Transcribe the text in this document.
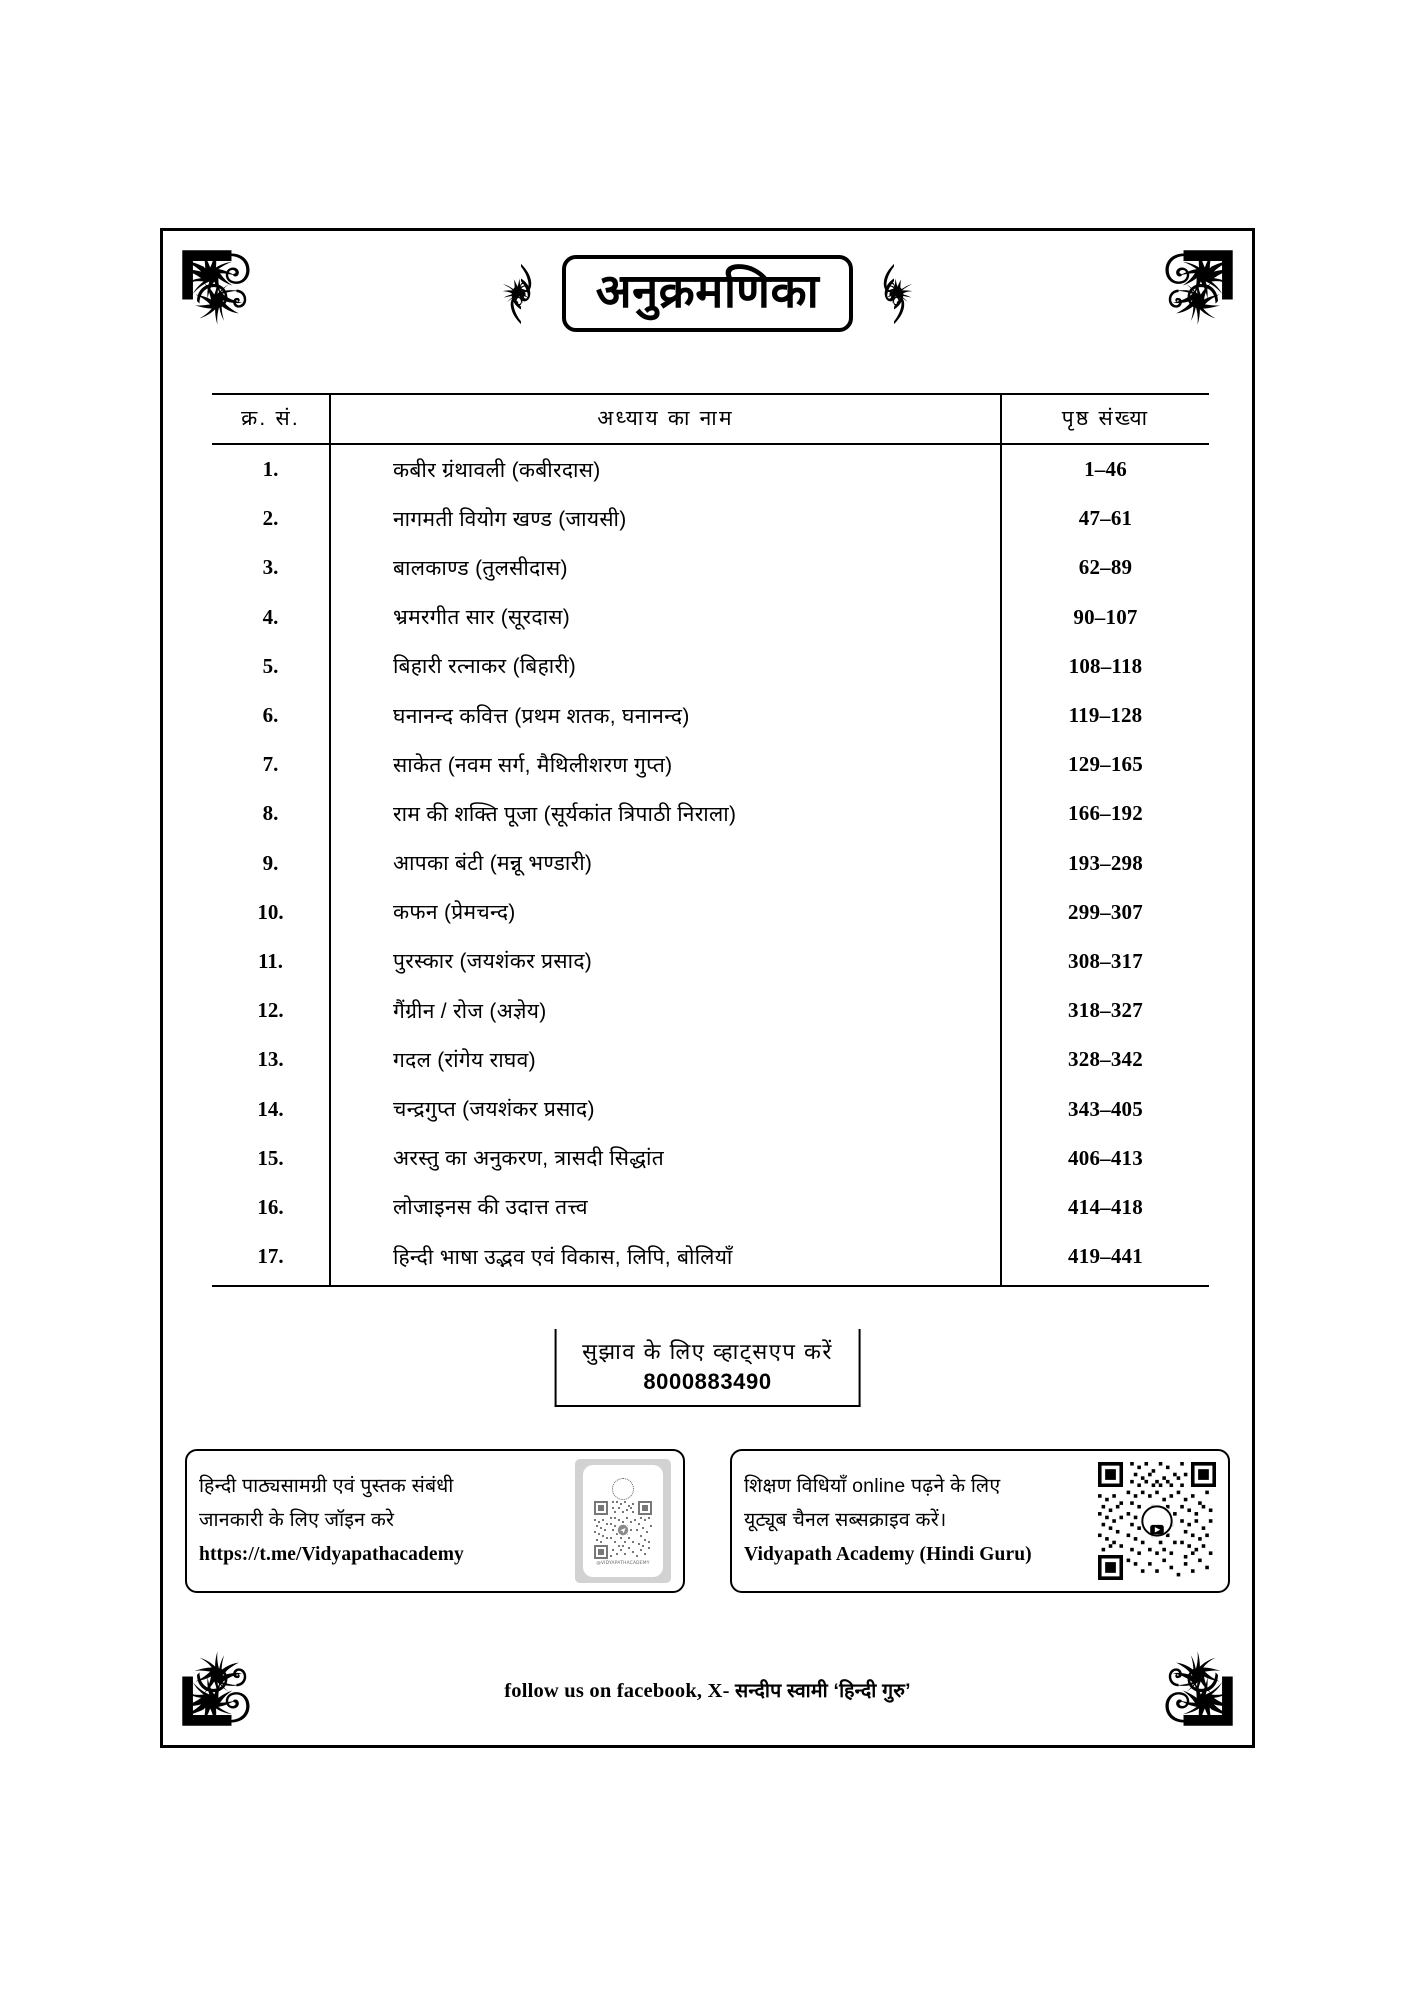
अनुक्रमणिका
क्र. सं.	अध्याय का नाम	पृष्ठ संख्या
1.	कबीर ग्रंथावली (कबीरदास)	1–46
2.	नागमती वियोग खण्ड (जायसी)	47–61
3.	बालकाण्ड (तुलसीदास)	62–89
4.	भ्रमरगीत सार (सूरदास)	90–107
5.	बिहारी रत्नाकर (बिहारी)	108–118
6.	घनानन्द कवित्त (प्रथम शतक, घनानन्द)	119–128
7.	साकेत (नवम सर्ग, मैथिलीशरण गुप्त)	129–165
8.	राम की शक्ति पूजा (सूर्यकांत त्रिपाठी निराला)	166–192
9.	आपका बंटी (मन्नू भण्डारी)	193–298
10.	कफन (प्रेमचन्द)	299–307
11.	पुरस्कार (जयशंकर प्रसाद)	308–317
12.	गैंग्रीन / रोज (अज्ञेय)	318–327
13.	गदल (रांगेय राघव)	328–342
14.	चन्द्रगुप्त (जयशंकर प्रसाद)	343–405
15.	अरस्तु का अनुकरण, त्रासदी सिद्धांत	406–413
16.	लोजाइनस की उदात्त तत्त्व	414–418
17.	हिन्दी भाषा उद्भव एवं विकास, लिपि, बोलियाँ	419–441
सुझाव के लिए व्हाट्सएप करें
8000883490
हिन्दी पाठ्यसामग्री एवं पुस्तक संबंधी
जानकारी के लिए जॉइन करे
https://t.me/Vidyapathacademy	@VIDYAPATHACADEMY
शिक्षण विधियाँ online पढ़ने के लिए
यूट्यूब चैनल सब्सक्राइव करें।
Vidyapath Academy (Hindi Guru)
follow us on facebook, X- सन्दीप स्वामी ‘हिन्दी गुरु’
